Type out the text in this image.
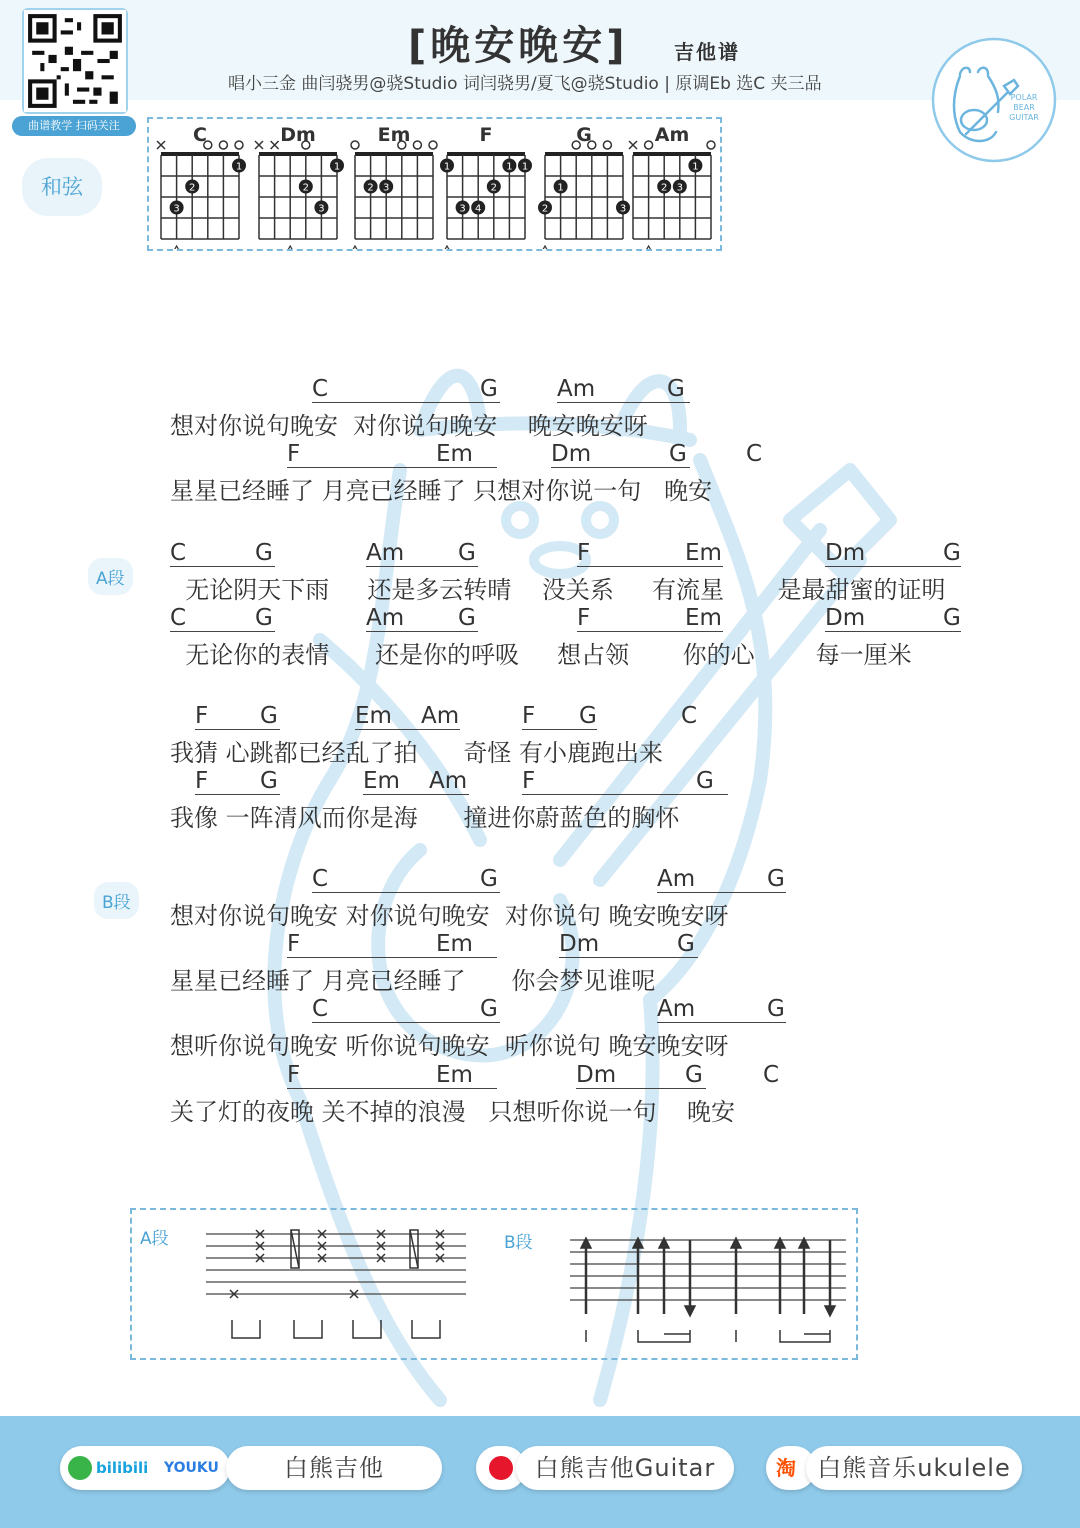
曲谱教学 扫码关注
[晚安晚安] 吉他谱
唱小三金 曲闫骁男@骁Studio 词闫骁男/夏飞@骁Studio | 原调Eb 选C 夹三品
POLAR
BEAR
GUITAR
和弦
C
1
2
3
Dm
1
2
3
Em
2 3
F
1	1 1
2
3 4
G
1
2	3
Am
1
2 3
C	G	Am	G
想对你说句晚安  对你说句晚安    晚安晚安呀
F	Em	Dm	G	C
星星已经睡了 月亮已经睡了 只想对你说一句   晚安
C	G	Am G	F	Em	Dm	G
无论阴天下雨     还是多云转晴    没关系     有流星       是最甜蜜的证明
C	G	Am G	F	Em	Dm	G
无论你的表情      还是你的呼吸     想占领       你的心        每一厘米
F G	Em Am	F G	C
我猜 心跳都已经乱了拍      奇怪 有小鹿跑出来
F G	Em Am F	G
我像 一阵清风而你是海      撞进你蔚蓝色的胸怀
C	G	Am	G
想对你说句晚安 对你说句晚安  对你说句 晚安晚安呀
F	Em	Dm	G
星星已经睡了 月亮已经睡了      你会梦见谁呢
C	G	Am	G
想听你说句晚安 听你说句晚安  听你说句 晚安晚安呀
F	Em	Dm	G	C
关了灯的夜晚 关不掉的浪漫   只想听你说一句    晚安
A段
B段
A段	B段
bilibili YOUKU	白熊吉他	白熊吉他Guitar	淘 白熊音乐ukulele
